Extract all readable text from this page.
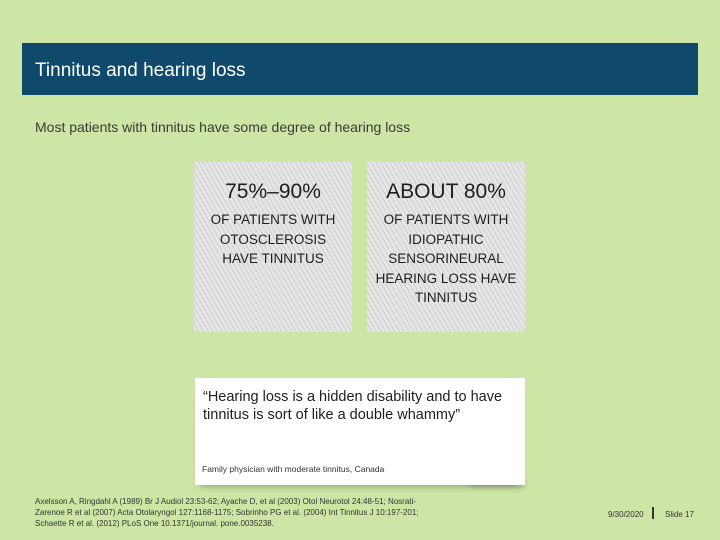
Tinnitus and hearing loss
Most patients with tinnitus have some degree of hearing loss
75%–90%
OF PATIENTS WITH OTOSCLEROSIS HAVE TINNITUS
ABOUT 80%
OF PATIENTS WITH IDIOPATHIC SENSORINEURAL HEARING LOSS HAVE TINNITUS
“Hearing loss is a hidden disability and to have tinnitus is sort of like a double whammy”
Family physician with moderate tinnitus, Canada
Axelsson A, Ringdahl A (1989) Br J Audiol 23:53-62; Ayache D, et al (2003) Otol Neurotol 24:48-51; Nosrati-
Zarenoe R et al (2007) Acta Otolaryngol 127:1168-1175; Sobrinho PG et al. (2004) Int Tinnitus J 10:197-201;
Schaette R et al. (2012) PLoS One 10.1371/journal. pone.0035238.
9/30/2020	Slide 17
